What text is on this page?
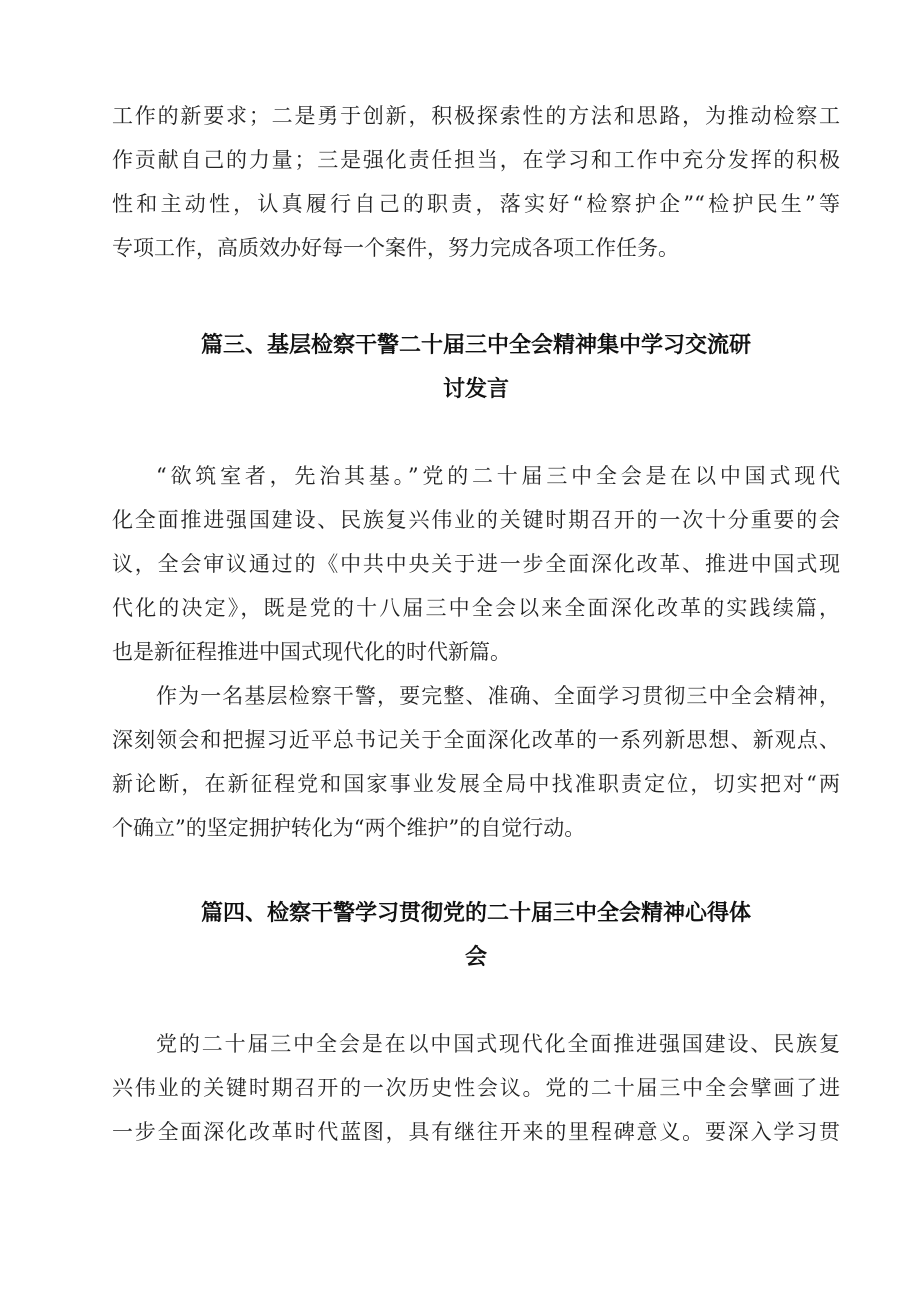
工作的新要求；二是勇于创新，积极探索性的方法和思路，为推动检察工
作贡献自己的力量；三是强化责任担当，在学习和工作中充分发挥的积极
性和主动性，认真履行自己的职责，落实好“检察护企”“检护民生”等
专项工作，高质效办好每一个案件，努力完成各项工作任务。
篇三、基层检察干警二十届三中全会精神集中学习交流研
讨发言
“欲筑室者，先治其基。”党的二十届三中全会是在以中国式现代
化全面推进强国建设、民族复兴伟业的关键时期召开的一次十分重要的会
议，全会审议通过的《中共中央关于进一步全面深化改革、推进中国式现
代化的决定》，既是党的十八届三中全会以来全面深化改革的实践续篇，
也是新征程推进中国式现代化的时代新篇。
作为一名基层检察干警，要完整、准确、全面学习贯彻三中全会精神，
深刻领会和把握习近平总书记关于全面深化改革的一系列新思想、新观点、
新论断，在新征程党和国家事业发展全局中找准职责定位，切实把对“两
个确立”的坚定拥护转化为“两个维护”的自觉行动。
篇四、检察干警学习贯彻党的二十届三中全会精神心得体
会
党的二十届三中全会是在以中国式现代化全面推进强国建设、民族复
兴伟业的关键时期召开的一次历史性会议。党的二十届三中全会擘画了进
一步全面深化改革时代蓝图，具有继往开来的里程碑意义。要深入学习贯
